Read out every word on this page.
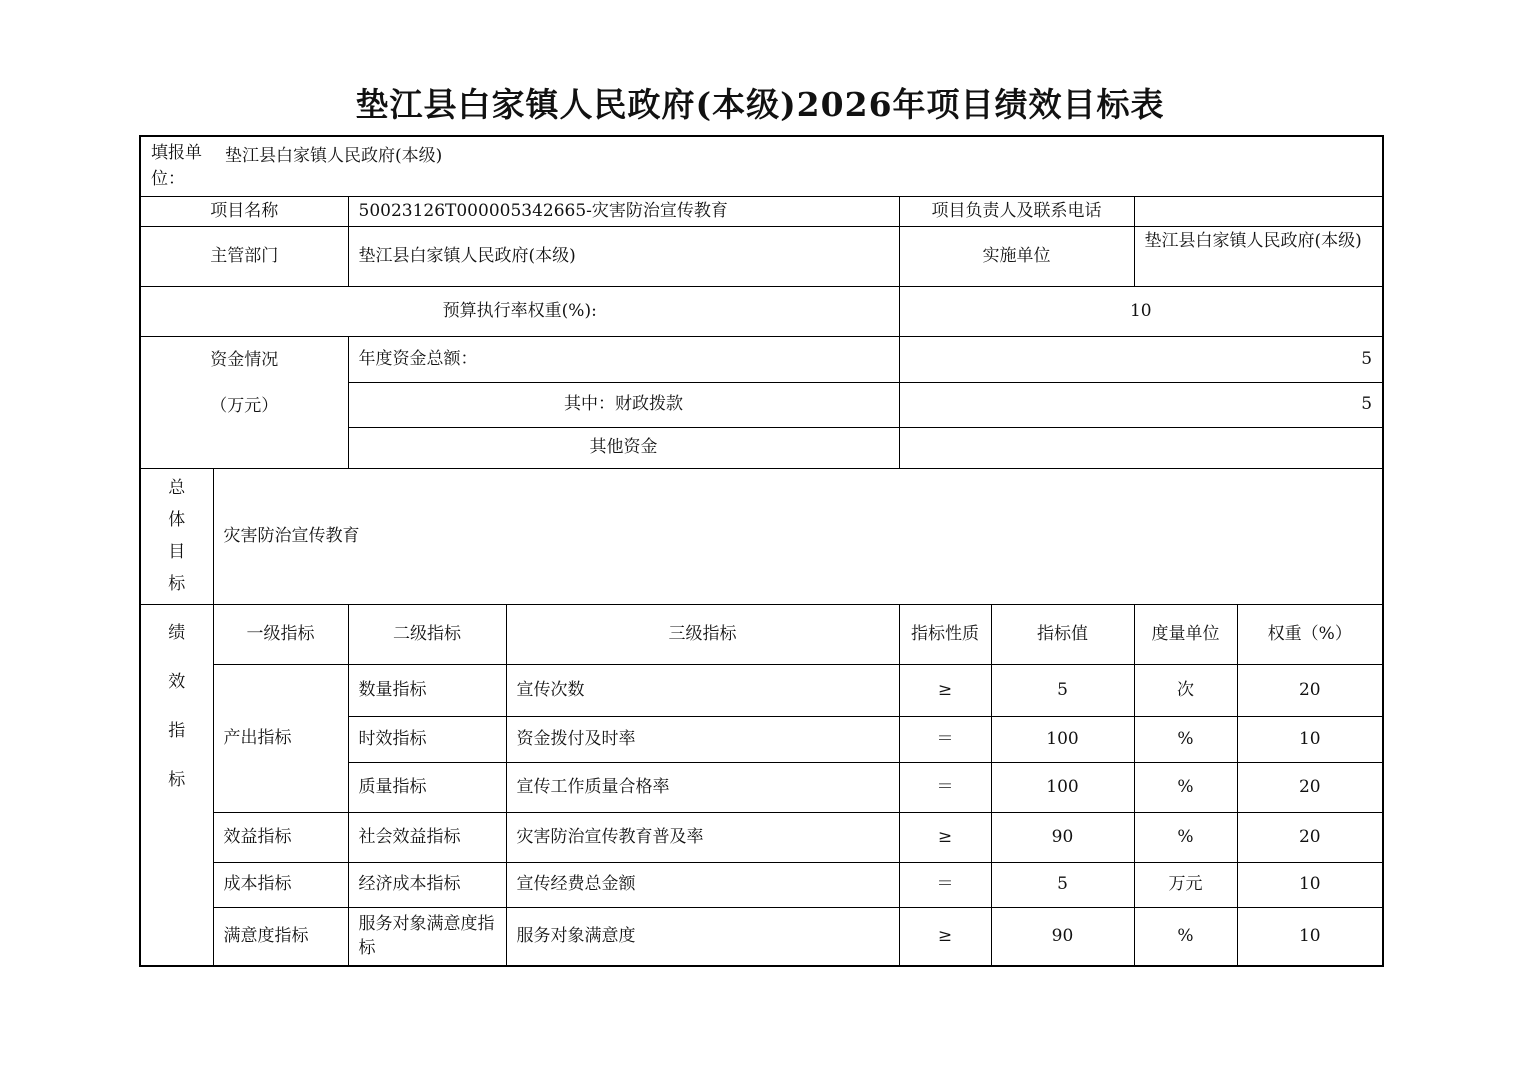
垫江县白家镇人民政府(本级)2026年项目绩效目标表
填报单位：
垫江县白家镇人民政府(本级)							

项目名称		50023126T000005342665-灾害防治宣传教育		项目负责人及联系电话			
主管部门		垫江县白家镇人民政府(本级)		实施单位		垫江县白家镇人民政府(本级)	
预算执行率权重(%):				10			

资金情况
（万元）		年度资金总额：		5			
		其中：财政拨款		5			
		其他资金					

总
体
目
标	灾害防治宣传教育						

绩
效
指
标	一级指标	二级指标	三级指标	指标性质	指标值	度量单位	权重（%）
	产出指标	数量指标	宣传次数	≥	5	次	20
		时效指标	资金拨付及时率	＝	100	%	10
		质量指标	宣传工作质量合格率	＝	100	%	20
	效益指标	社会效益指标	灾害防治宣传教育普及率	≥	90	%	20
	成本指标	经济成本指标	宣传经费总金额	＝	5	万元	10
	满意度指标	服务对象满意度指标	服务对象满意度	≥	90	%	10
